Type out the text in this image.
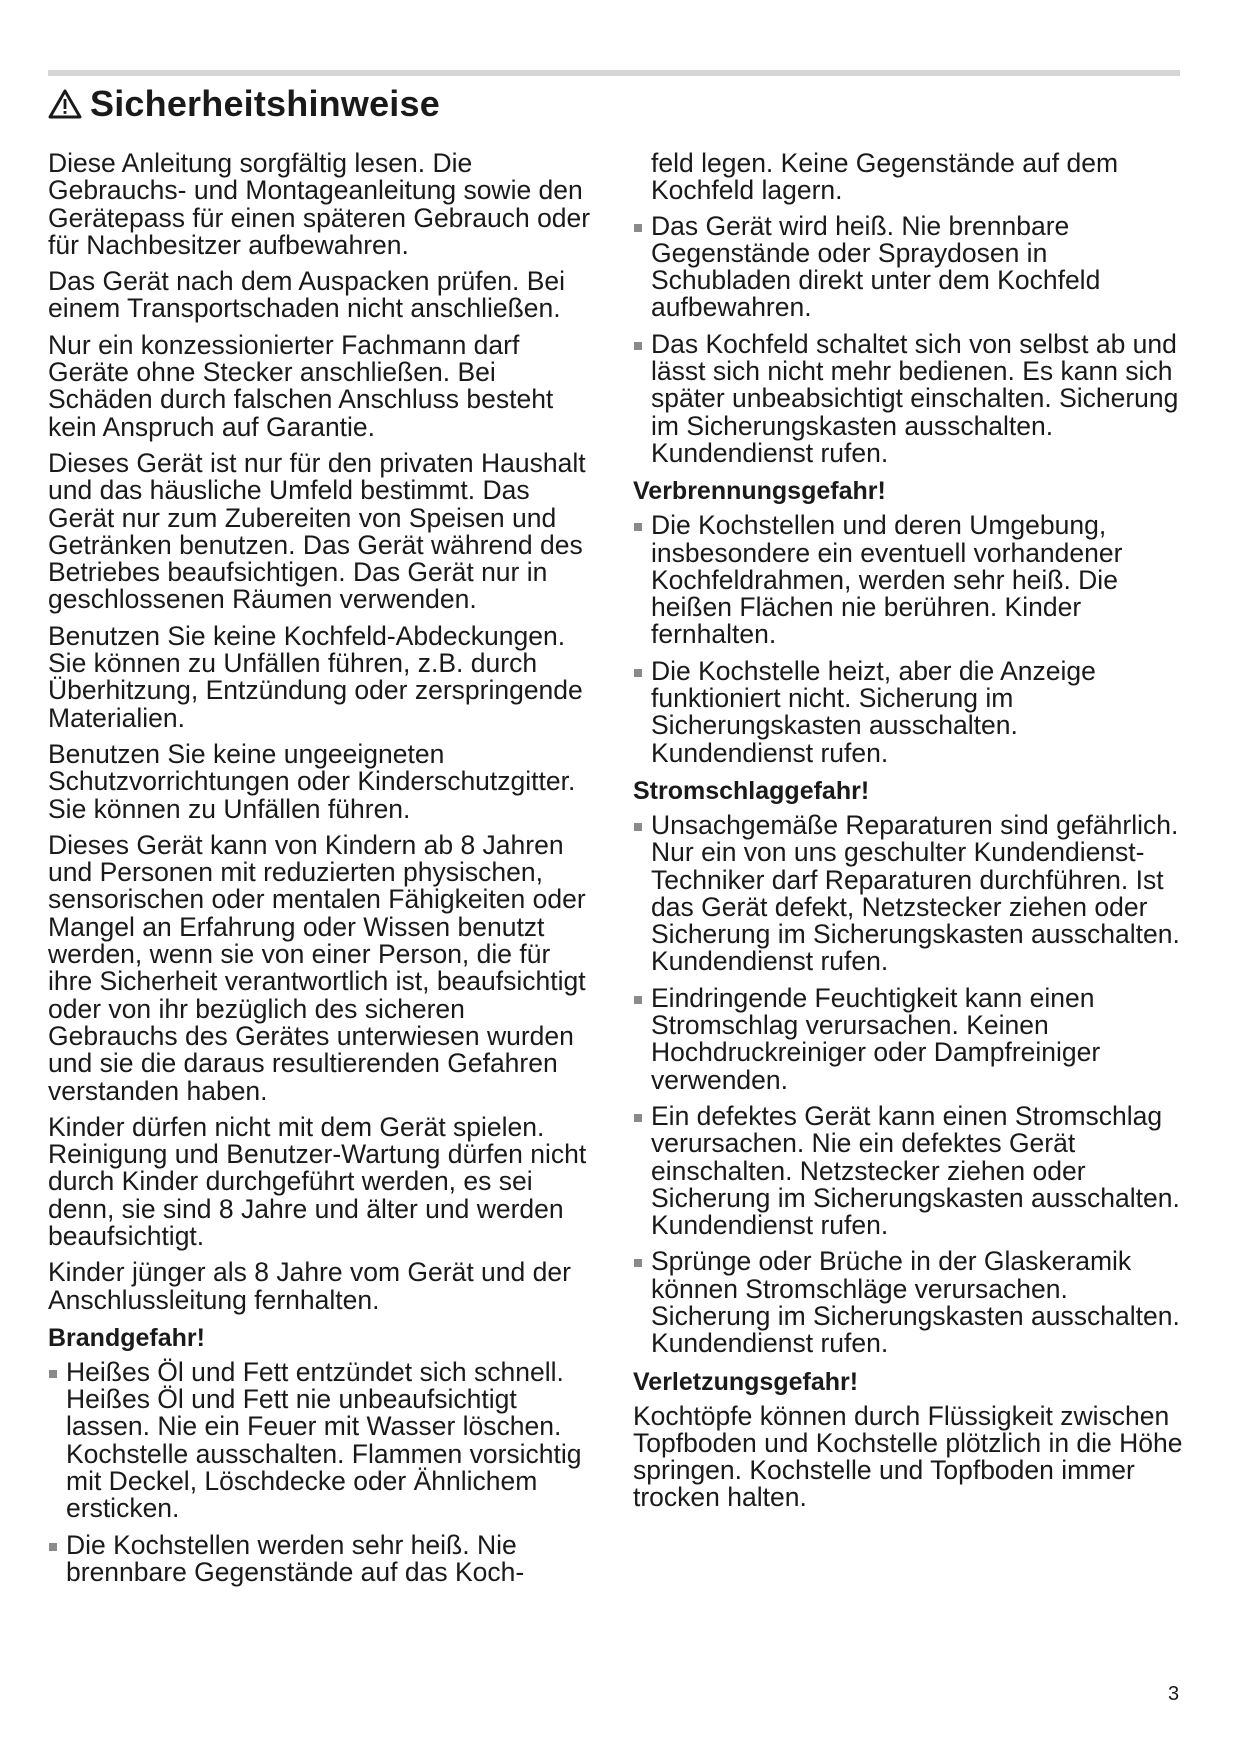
Sicherheitshinweise

Diese Anleitung sorgfältig lesen. Die Gebrauchs- und Montageanleitung sowie den Gerätepass für einen späteren Gebrauch oder für Nachbesitzer aufbewahren.

Das Gerät nach dem Auspacken prüfen. Bei einem Transportschaden nicht anschließen.

Nur ein konzessionierter Fachmann darf Geräte ohne Stecker anschließen. Bei Schäden durch falschen Anschluss besteht kein Anspruch auf Garantie.

Dieses Gerät ist nur für den privaten Haushalt und das häusliche Umfeld bestimmt. Das Gerät nur zum Zubereiten von Speisen und Getränken benutzen. Das Gerät während des Betriebes beaufsichtigen. Das Gerät nur in geschlossenen Räumen verwenden.

Benutzen Sie keine Kochfeld-Abdeckungen. Sie können zu Unfällen führen, z.B. durch Überhitzung, Entzündung oder zerspringende Materialien.

Benutzen Sie keine ungeeigneten Schutzvorrichtungen oder Kinderschutzgitter. Sie können zu Unfällen führen.

Dieses Gerät kann von Kindern ab 8 Jahren und Personen mit reduzierten physischen, sensorischen oder mentalen Fähigkeiten oder Mangel an Erfahrung oder Wissen benutzt werden, wenn sie von einer Person, die für ihre Sicherheit verantwortlich ist, beaufsichtigt oder von ihr bezüglich des sicheren Gebrauchs des Gerätes unterwiesen wurden und sie die daraus resultierenden Gefahren verstanden haben.

Kinder dürfen nicht mit dem Gerät spielen. Reinigung und Benutzer-Wartung dürfen nicht durch Kinder durchgeführt werden, es sei denn, sie sind 8 Jahre und älter und werden beaufsichtigt.

Kinder jünger als 8 Jahre vom Gerät und der Anschlussleitung fernhalten.

Brandgefahr!
Heißes Öl und Fett entzündet sich schnell. Heißes Öl und Fett nie unbeaufsichtigt lassen. Nie ein Feuer mit Wasser löschen. Kochstelle ausschalten. Flammen vorsichtig mit Deckel, Löschdecke oder Ähnlichem ersticken.
Die Kochstellen werden sehr heiß. Nie brennbare Gegenstände auf das Koch-
feld legen. Keine Gegenstände auf dem Kochfeld lagern.
Das Gerät wird heiß. Nie brennbare Gegenstände oder Spraydosen in Schubladen direkt unter dem Kochfeld aufbewahren.
Das Kochfeld schaltet sich von selbst ab und lässt sich nicht mehr bedienen. Es kann sich später unbeabsichtigt einschalten. Sicherung im Sicherungskasten ausschalten. Kundendienst rufen.
Verbrennungsgefahr!
Die Kochstellen und deren Umgebung, insbesondere ein eventuell vorhandener Kochfeldrahmen, werden sehr heiß. Die heißen Flächen nie berühren. Kinder fernhalten.
Die Kochstelle heizt, aber die Anzeige funktioniert nicht. Sicherung im Sicherungskasten ausschalten. Kundendienst rufen.
Stromschlaggefahr!
Unsachgemäße Reparaturen sind gefährlich. Nur ein von uns geschulter Kundendienst-Techniker darf Reparaturen durchführen. Ist das Gerät defekt, Netzstecker ziehen oder Sicherung im Sicherungskasten ausschalten. Kundendienst rufen.
Eindringende Feuchtigkeit kann einen Stromschlag verursachen. Keinen Hochdruckreiniger oder Dampfreiniger verwenden.
Ein defektes Gerät kann einen Stromschlag verursachen. Nie ein defektes Gerät einschalten. Netzstecker ziehen oder Sicherung im Sicherungskasten ausschalten. Kundendienst rufen.
Sprünge oder Brüche in der Glaskeramik können Stromschläge verursachen. Sicherung im Sicherungskasten ausschalten. Kundendienst rufen.
Verletzungsgefahr!

Kochtöpfe können durch Flüssigkeit zwischen Topfboden und Kochstelle plötzlich in die Höhe springen. Kochstelle und Topfboden immer trocken halten.

3
